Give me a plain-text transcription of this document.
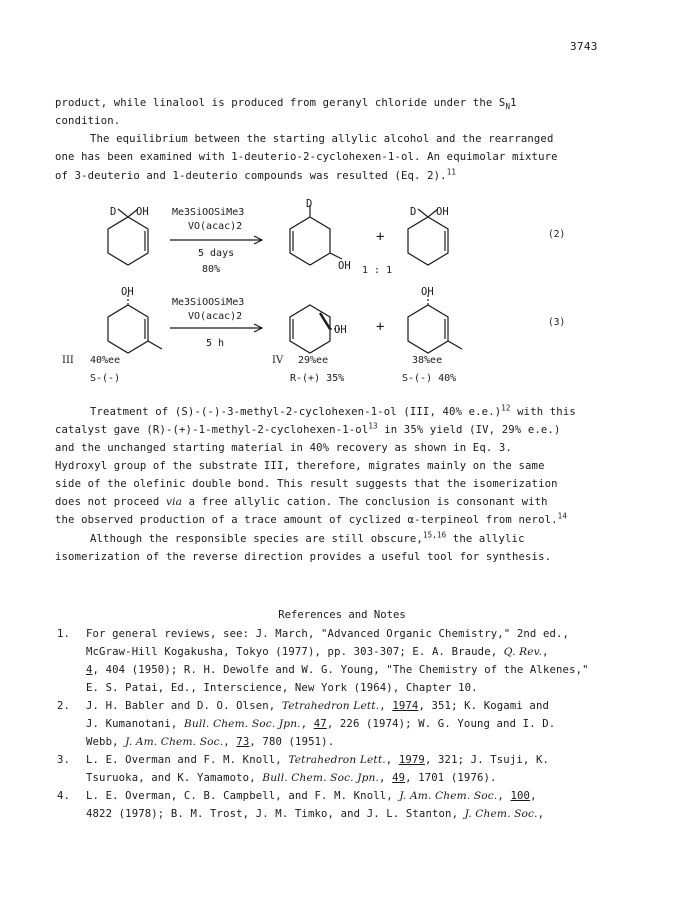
3743
product, while linalool is produced from geranyl chloride under the $S_N1$
condition.
The equilibrium between the starting allylic alcohol and the rearranged
one has been examined with 1-deuterio-2-cyclohexen-1-ol. An equimolar mixture
of 3-deuterio and 1-deuterio compounds was resulted (Eq. 2).$^{11}$
D OH Me3SiOOSiMe3
VO(acac)2
5 days
80%
D
OH
+
D OH
1 : 1
(2)
OH
Me3SiOOSiMe3
VO(acac)2
5 h
OH +
OH
(3)
III 40%ee
S-(-)
IV 29%ee
R-(+) 35%
38%ee
S-(-) 40%
Treatment of (S)-(-)-3-methyl-2-cyclohexen-1-ol (III, 40% e.e.)$^{12}$ with this
catalyst gave $(R)-(+)-1-methyl-2-cyclohexen-1-ol^{13}$ in 35% yield (IV, 29% e.e.)
and the unchanged starting material in 40% recovery as shown in Eq. 3.
Hydroxyl group of the substrate III, therefore, migrates mainly on the same
side of the olefinic double bond. This result suggests that the isomerization
does not proceed via a free allylic cation. The conclusion is consonant with
the observed production of a trace amount of cyclized α-terpineol from nerol.$^{14}$
Although the responsible species are still obscure,$^{15,16}$ the allylic
isomerization of the reverse direction provides a useful tool for synthesis.
References and Notes
1. For general reviews, see: J. March, "Advanced Organic Chemistry," 2nd ed.,
McGraw-Hill Kogakusha, Tokyo (1977), pp. 303-307; E. A. Braude, Q. Rev.,
4, 404 (1950); R. H. Dewolfe and W. G. Young, "The Chemistry of the Alkenes,"
E. S. Patai, Ed., Interscience, New York (1964), Chapter 10.
2. J. H. Babler and D. O. Olsen, Tetrahedron Lett., 1974, 351; K. Kogami and
J. Kumanotani, Bull. Chem. Soc. Jpn., 47, 226 (1974); W. G. Young and I. D.
Webb, J. Am. Chem. Soc., 73, 780 (1951).
3. L. E. Overman and F. M. Knoll, Tetrahedron Lett., 1979, 321; J. Tsuji, K.
Tsuruoka, and K. Yamamoto, Bull. Chem. Soc. Jpn., 49, 1701 (1976).
4. L. E. Overman, C. B. Campbell, and F. M. Knoll, J. Am. Chem. Soc., 100,
4822 (1978); B. M. Trost, J. M. Timko, and J. L. Stanton, J. Chem. Soc.,
